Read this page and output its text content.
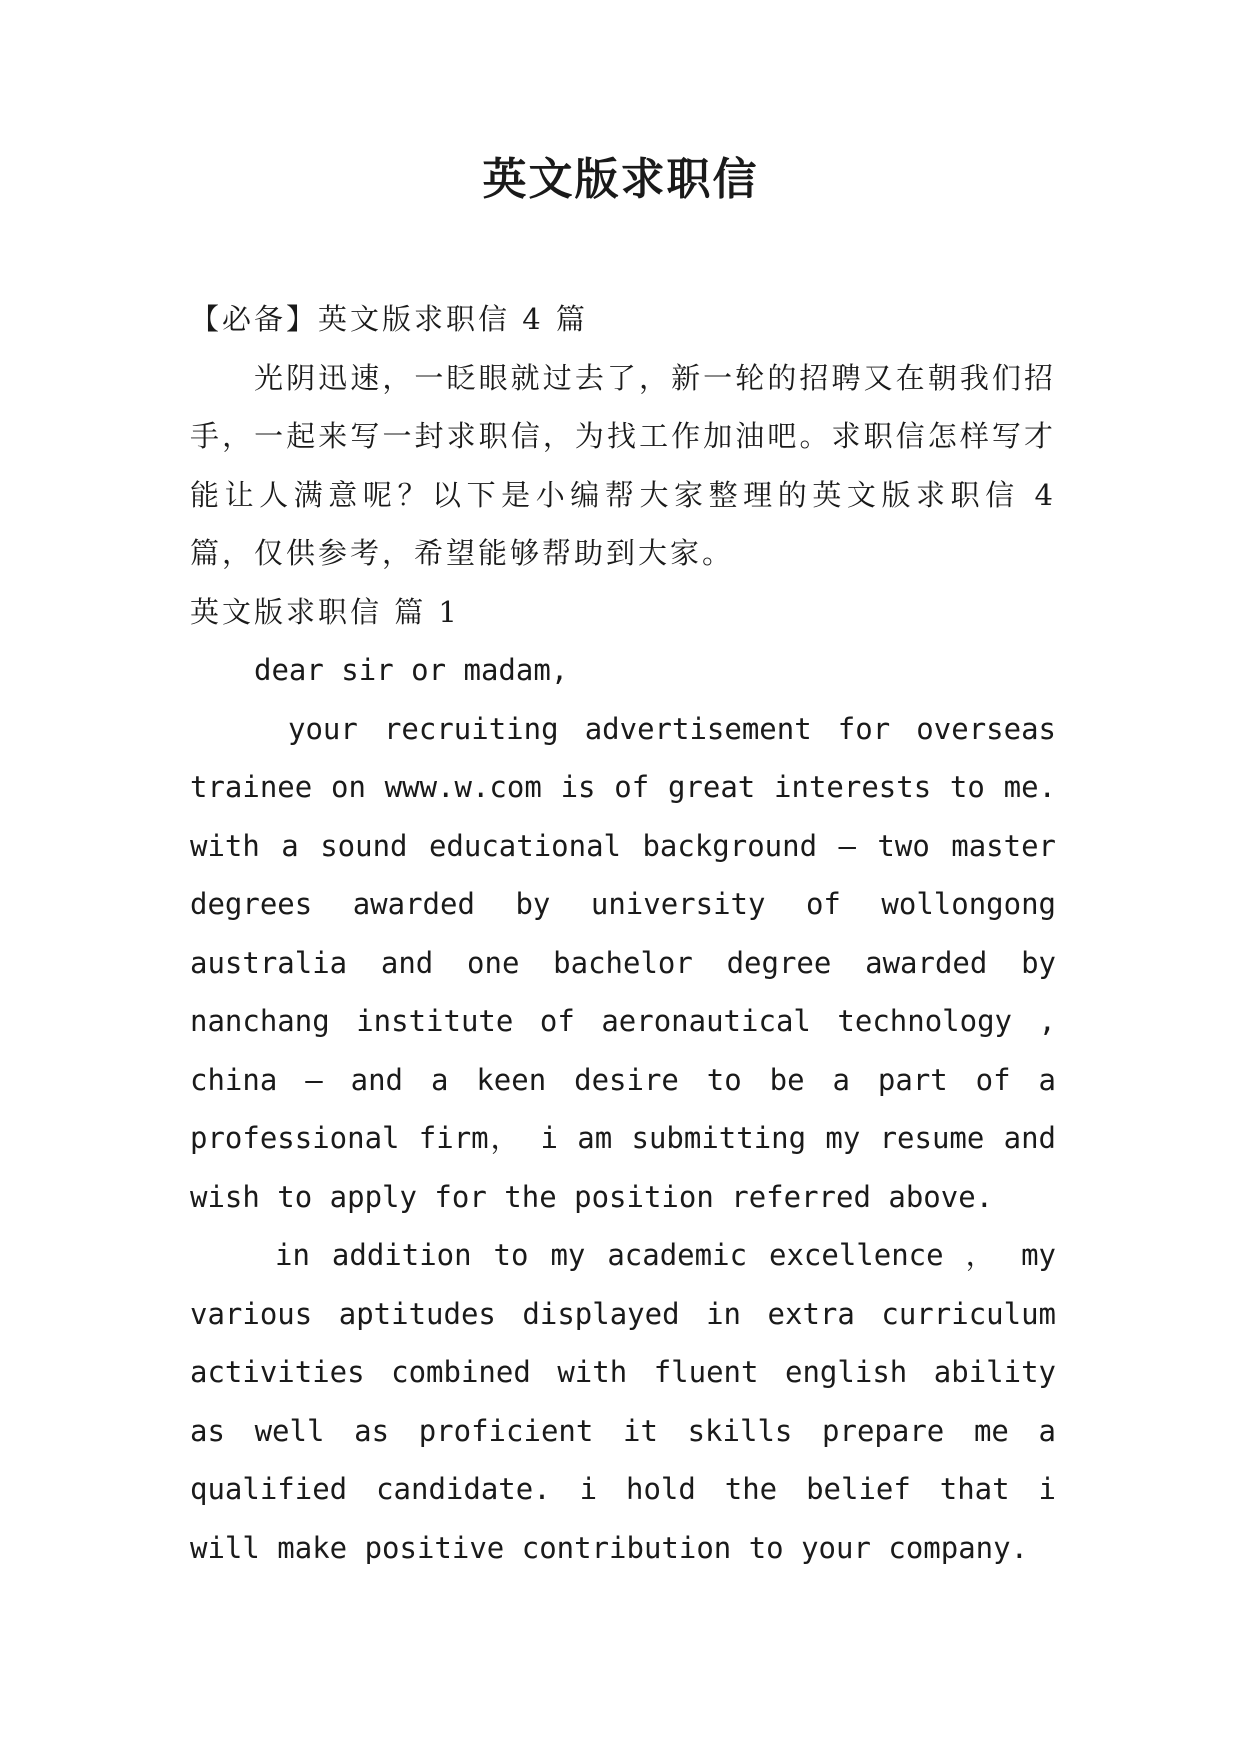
英文版求职信

【必备】英文版求职信 4 篇

光阴迅速，一眨眼就过去了，新一轮的招聘又在朝我们招手，一起来写一封求职信，为找工作加油吧。求职信怎样写才能让人满意呢？以下是小编帮大家整理的英文版求职信 4 篇，仅供参考，希望能够帮助到大家。

英文版求职信 篇 1

dear sir or madam,

your recruiting advertisement for overseas trainee on www.w.com is of great interests to me. with a sound educational background – two master degrees awarded by university of wollongong australia and one bachelor degree awarded by nanchang institute of aeronautical technology , china – and a keen desire to be a part of a professional firm， i am submitting my resume and wish to apply for the position referred above.

in addition to my academic excellence ， my various aptitudes displayed in extra curriculum activities combined with fluent english ability as well as proficient it skills prepare me a qualified candidate. i hold the belief that i will make positive contribution to your company.
